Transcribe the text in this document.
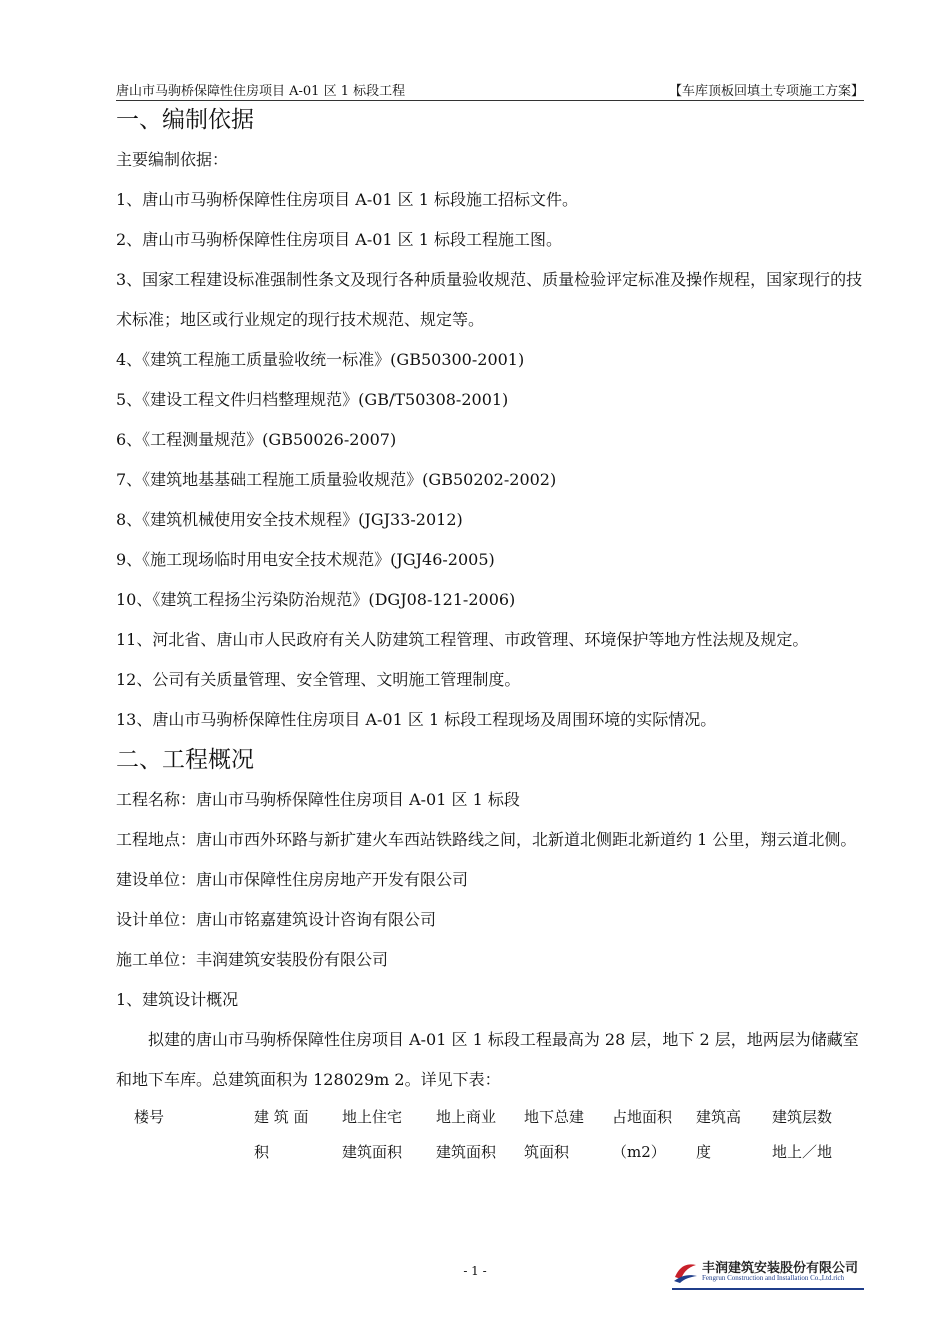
唐山市马驹桥保障性住房项目 A-01 区 1 标段工程	【车库顶板回填土专项施工方案】
一、编制依据

主要编制依据：

1、唐山市马驹桥保障性住房项目 A-01 区 1 标段施工招标文件。

2、唐山市马驹桥保障性住房项目 A-01 区 1 标段工程施工图。

3、国家工程建设标准强制性条文及现行各种质量验收规范、质量检验评定标准及操作规程，国家现行的技术标准；地区或行业规定的现行技术规范、规定等。

4、《建筑工程施工质量验收统一标准》(GB50300-2001)

5、《建设工程文件归档整理规范》(GB/T50308-2001)

6、《工程测量规范》(GB50026-2007)

7、《建筑地基基础工程施工质量验收规范》(GB50202-2002)

8、《建筑机械使用安全技术规程》(JGJ33-2012)

9、《施工现场临时用电安全技术规范》(JGJ46-2005)

10、《建筑工程扬尘污染防治规范》(DGJ08-121-2006)

11、河北省、唐山市人民政府有关人防建筑工程管理、市政管理、环境保护等地方性法规及规定。

12、公司有关质量管理、安全管理、文明施工管理制度。

13、唐山市马驹桥保障性住房项目 A-01 区 1 标段工程现场及周围环境的实际情况。

二、工程概况

工程名称：唐山市马驹桥保障性住房项目 A-01 区 1 标段

工程地点：唐山市西外环路与新扩建火车西站铁路线之间，北新道北侧距北新道约 1 公里，翔云道北侧。

建设单位：唐山市保障性住房房地产开发有限公司

设计单位：唐山市铭嘉建筑设计咨询有限公司

施工单位：丰润建筑安装股份有限公司

1、建筑设计概况

拟建的唐山市马驹桥保障性住房项目 A-01 区 1 标段工程最高为 28 层，地下 2 层，地两层为储藏室和地下车库。总建筑面积为 128029m 2。详见下表：

楼号	建 筑 面	地上住宅	地上商业	地下总建	占地面积	建筑高	建筑层数
积	建筑面积	建筑面积	筑面积	（m2）	度	地上／地
- 1 -	丰润建筑安装股份有限公司
Fengrun Construction and Installation Co.,Ltd.rich
